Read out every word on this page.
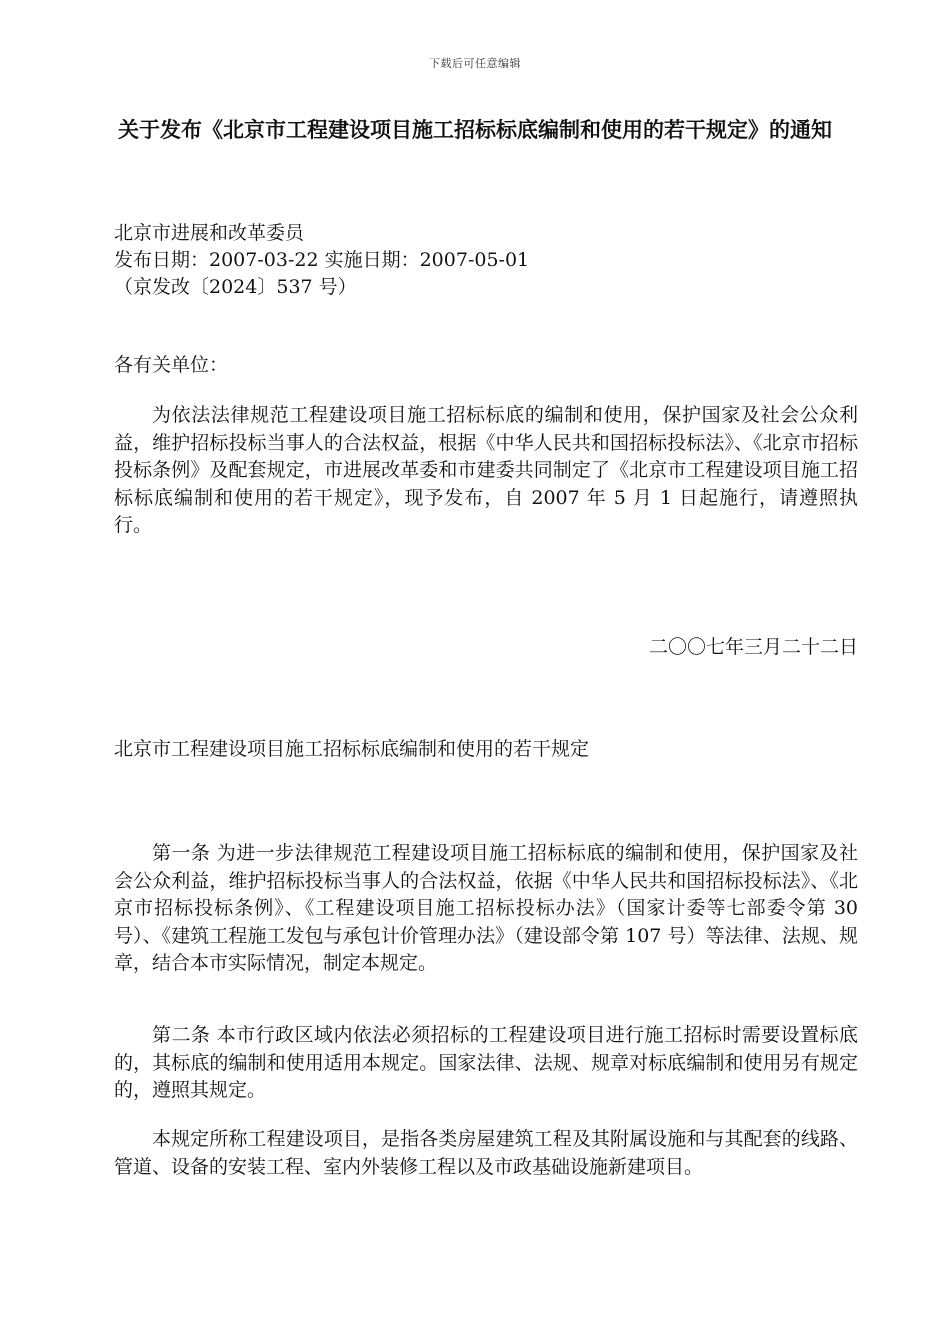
下载后可任意编辑
关于发布《北京市工程建设项目施工招标标底编制和使用的若干规定》的通知
北京市进展和改革委员
发布日期：2007-03-22 实施日期：2007-05-01
（京发改〔2024〕537 号）
各有关单位：

为依法法律规范工程建设项目施工招标标底的编制和使用，保护国家及社会公众利益，维护招标投标当事人的合法权益，根据《中华人民共和国招标投标法》、《北京市招标投标条例》及配套规定，市进展改革委和市建委共同制定了《北京市工程建设项目施工招标标底编制和使用的若干规定》，现予发布，自 2007 年 5 月 1 日起施行，请遵照执行。

二〇〇七年三月二十二日
北京市工程建设项目施工招标标底编制和使用的若干规定

第一条 为进一步法律规范工程建设项目施工招标标底的编制和使用，保护国家及社会公众利益，维护招标投标当事人的合法权益，依据《中华人民共和国招标投标法》、《北京市招标投标条例》、《工程建设项目施工招标投标办法》（国家计委等七部委令第 30 号）、《建筑工程施工发包与承包计价管理办法》（建设部令第 107 号）等法律、法规、规章，结合本市实际情况，制定本规定。

第二条 本市行政区域内依法必须招标的工程建设项目进行施工招标时需要设置标底的，其标底的编制和使用适用本规定。国家法律、法规、规章对标底编制和使用另有规定的，遵照其规定。

本规定所称工程建设项目，是指各类房屋建筑工程及其附属设施和与其配套的线路、管道、设备的安装工程、室内外装修工程以及市政基础设施新建项目。
